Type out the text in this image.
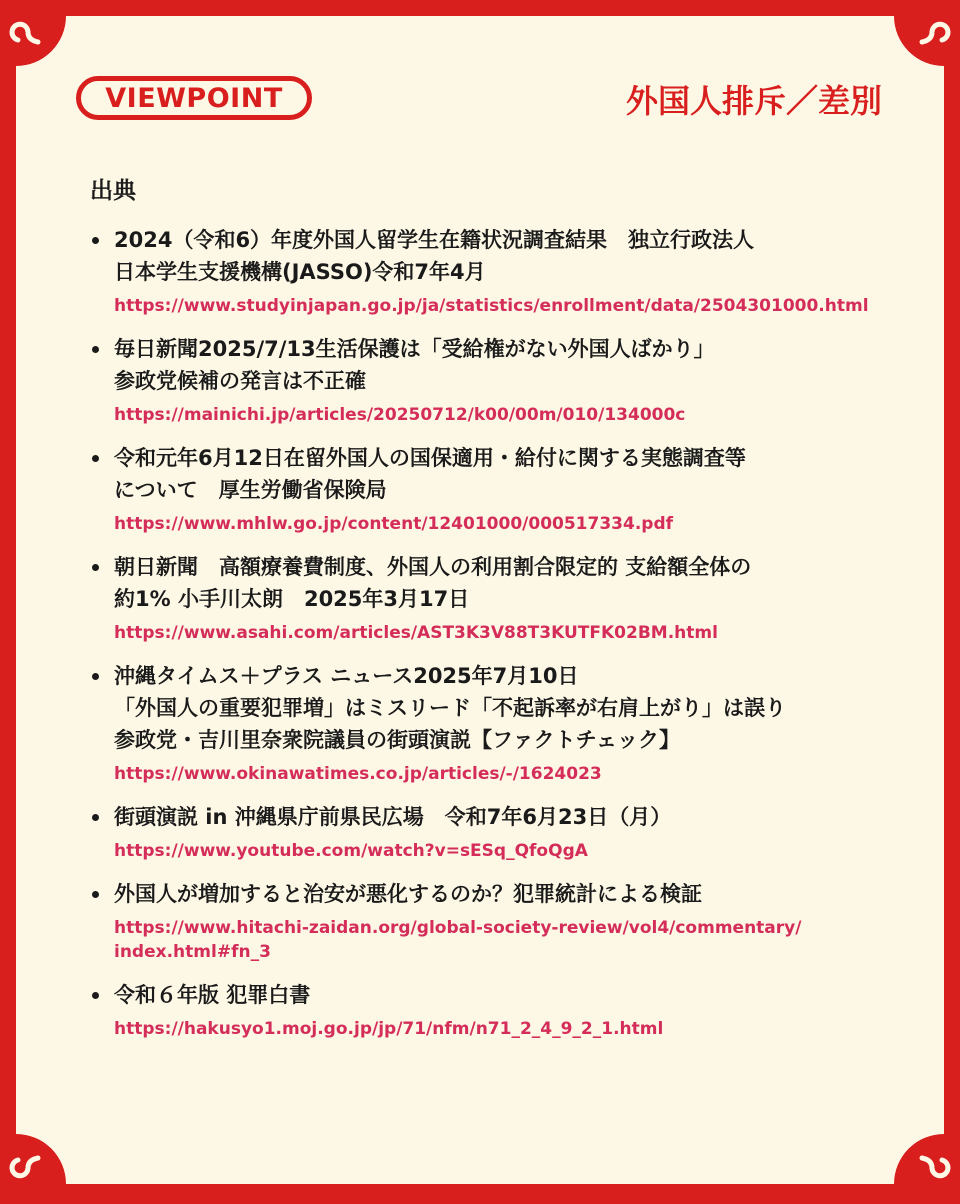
VIEWPOINT	外国人排斥／差別
出典
2024（令和6）年度外国人留学生在籍状況調査結果　独立行政法人
日本学生支援機構(JASSO)令和7年4月
https://www.studyinjapan.go.jp/ja/statistics/enrollment/data/2504301000.html
毎日新聞2025/7/13生活保護は「受給権がない外国人ばかり」
参政党候補の発言は不正確
https://mainichi.jp/articles/20250712/k00/00m/010/134000c
令和元年6月12日在留外国人の国保適用・給付に関する実態調査等
について　厚生労働省保険局
https://www.mhlw.go.jp/content/12401000/000517334.pdf
朝日新聞　高額療養費制度、外国人の利用割合限定的 支給額全体の
約1% 小手川太朗　2025年3月17日
https://www.asahi.com/articles/AST3K3V88T3KUTFK02BM.html
沖縄タイムス＋プラス ニュース2025年7月10日
「外国人の重要犯罪増」はミスリード「不起訴率が右肩上がり」は誤り
参政党・吉川里奈衆院議員の街頭演説【ファクトチェック】
https://www.okinawatimes.co.jp/articles/-/1624023
街頭演説 in 沖縄県庁前県民広場　令和7年6月23日（月）
https://www.youtube.com/watch?v=sESq_QfoQgA
外国人が増加すると治安が悪化するのか？犯罪統計による検証
https://www.hitachi-zaidan.org/global-society-review/vol4/commentary/
index.html#fn_3
令和６年版 犯罪白書
https://hakusyo1.moj.go.jp/jp/71/nfm/n71_2_4_9_2_1.html
